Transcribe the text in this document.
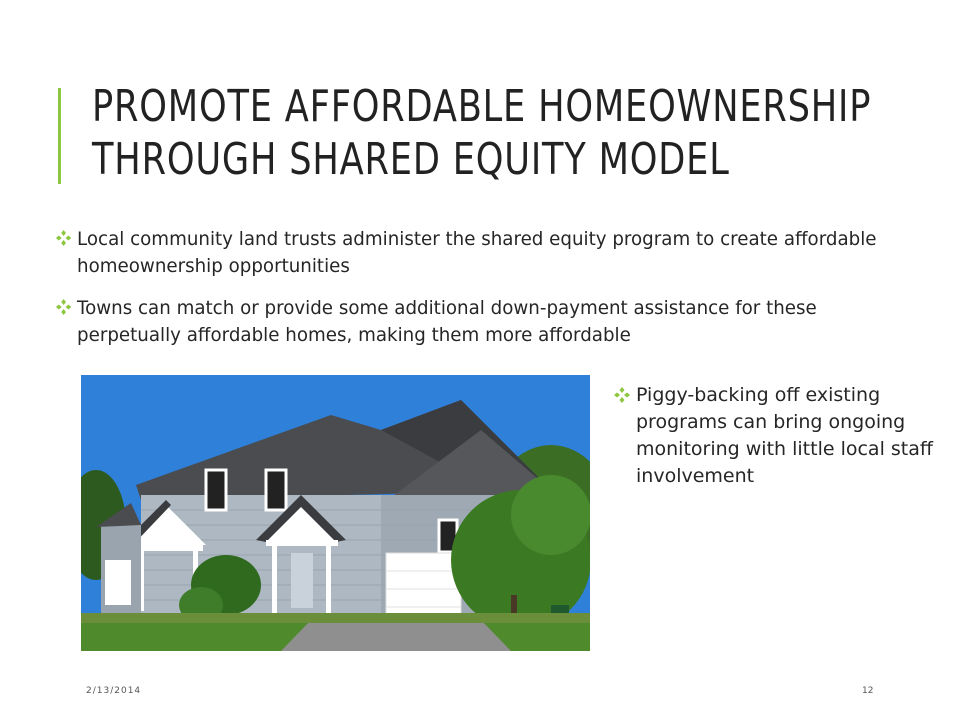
PROMOTE AFFORDABLE HOMEOWNERSHIP
THROUGH SHARED EQUITY MODEL
Local community land trusts administer the shared equity program to create affordable homeownership opportunities
Towns can match or provide some additional down-payment assistance for these perpetually affordable homes, making them more affordable
Piggy-backing off existing programs can bring ongoing monitoring with little local staff involvement
2/13/2014	12
